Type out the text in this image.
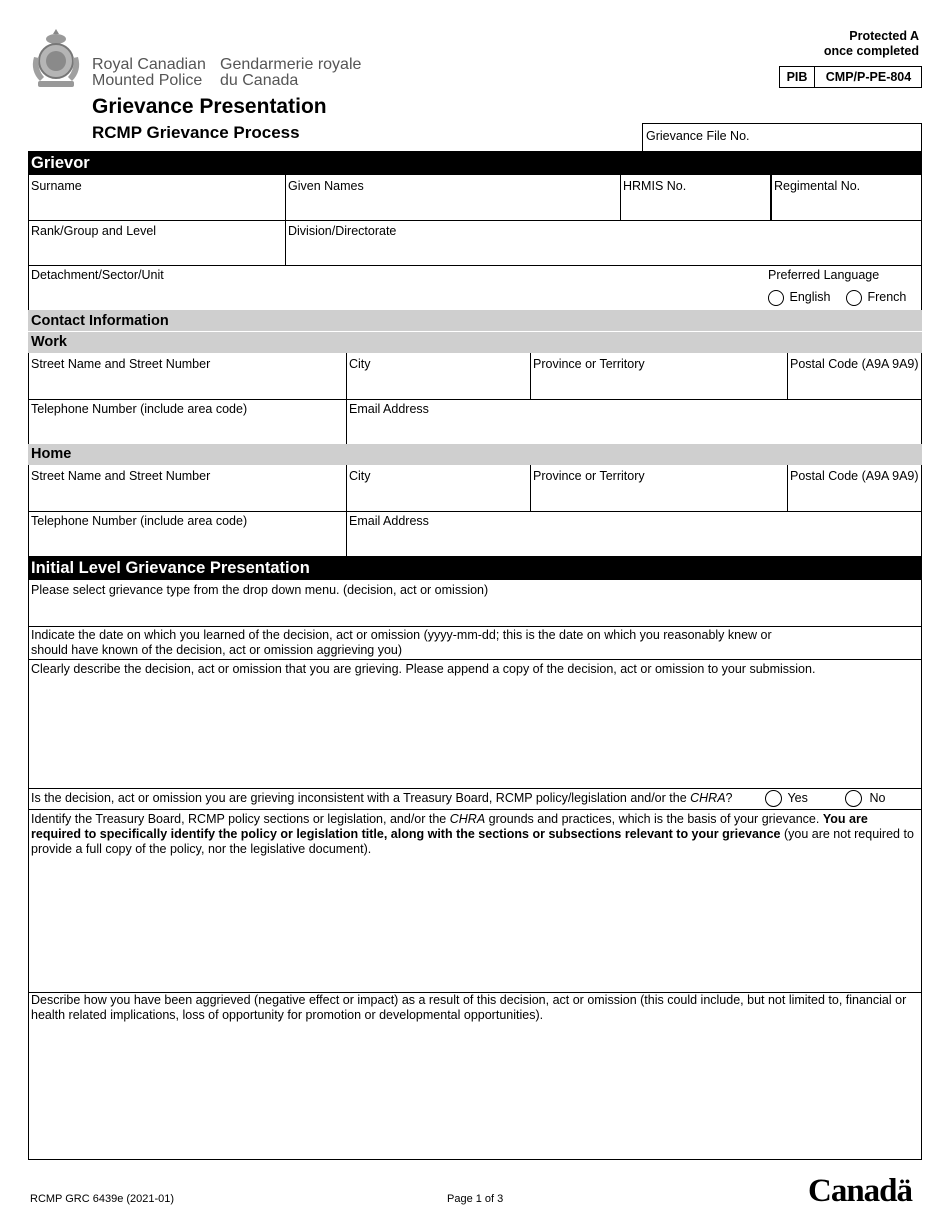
Royal Canadian
Mounted Police
Gendarmerie royale
du Canada
Grievance Presentation
RCMP Grievance Process
Protected A
once completed
PIB	CMP/P-PE-804
Grievance File No.
Grievor
Surname	Given Names	HRMIS No.	Regimental No.
Rank/Group and Level	Division/Directorate
Detachment/Sector/Unit	Preferred Language
English	French
Contact Information
Work
Street Name and Street Number	City	Province or Territory	Postal Code (A9A 9A9)
Telephone Number (include area code)	Email Address
Home
Street Name and Street Number	City	Province or Territory	Postal Code (A9A 9A9)
Telephone Number (include area code)	Email Address
Initial Level Grievance Presentation
Please select grievance type from the drop down menu. (decision, act or omission)
Indicate the date on which you learned of the decision, act or omission (yyyy-mm-dd; this is the date on which you reasonably knew or
should have known of the decision, act or omission aggrieving you)
Clearly describe the decision, act or omission that you are grieving. Please append a copy of the decision, act or omission to your submission.
Is the decision, act or omission you are grieving inconsistent with a Treasury Board, RCMP policy/legislation and/or the CHRA?	Yes	No
Identify the Treasury Board, RCMP policy sections or legislation, and/or the CHRA grounds and practices, which is the basis of your grievance. You are required to specifically identify the policy or legislation title, along with the sections or subsections relevant to your grievance (you are not required to provide a full copy of the policy, nor the legislative document).
Describe how you have been aggrieved (negative effect or impact) as a result of this decision, act or omission (this could include, but not limited to, financial or health related implications, loss of opportunity for promotion or developmental opportunities).
RCMP GRC 6439e (2021-01)	Page 1 of 3	Canadä
